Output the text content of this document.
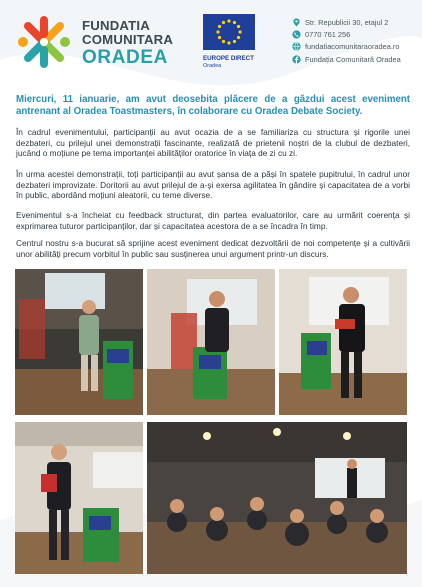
FUNDATIA
COMUNITARA
ORADEA	EUROPE DIRECT
Oradea
Str. Republicii 30, etajul 2
0770 761 256
fundatiacomunitaraoradea.ro
Fundația Comunitară Oradea
Miercuri, 11 ianuarie, am avut deosebita plăcere de a găzdui acest eveniment antrenant al Oradea Toastmasters, în colaborare cu Oradea Debate Society.
În cadrul evenimentului, participanții au avut ocazia de a se familiariza cu structura și rigorile unei dezbateri, cu prilejul unei demonstrații fascinante, realizată de prietenii noștri de la clubul de dezbateri, jucând o moțiune pe tema importanței abilităților oratorice în viața de zi cu zi.
În urma acestei demonstrații, toți participanții au avut șansa de a păși în spatele pupitrului, în cadrul unor dezbateri improvizate. Doritorii au avut prilejul de a-și exersa agilitatea în gândire și capacitatea de a vorbi în public, abordând moțiuni aleatorii, cu teme diverse.
Evenimentul s-a încheiat cu feedback structurat, din partea evaluatorilor, care au urmărit coerența și exprimarea tuturor participanților, dar și capacitatea acestora de a se încadra în timp.
Centrul nostru s-a bucurat să sprijine acest eveniment dedicat dezvoltării de noi competențe și a cultivării unor abilități precum vorbitul în public sau susținerea unui argument printr-un discurs.
